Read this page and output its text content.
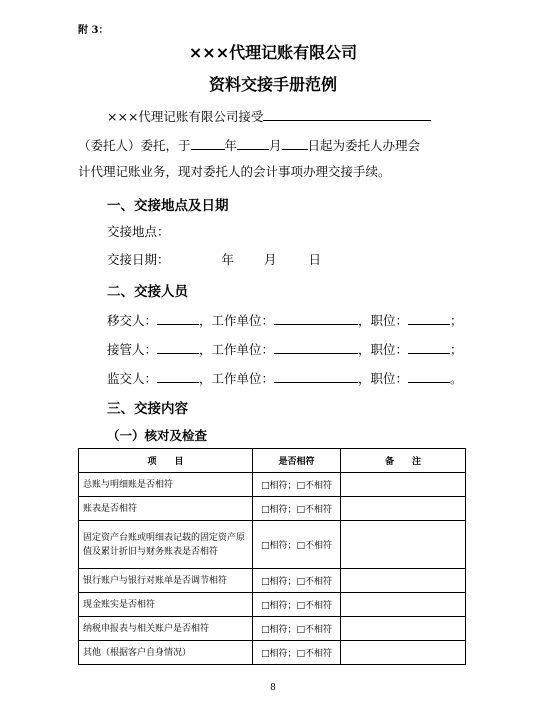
附 3：
×××代理记账有限公司
资料交接手册范例
×××代理记账有限公司接受
（委托人）委托，于	年	月 日起为委托人办理会
计代理记账业务，现对委托人的会计事项办理交接手续。
一、交接地点及日期
交接地点：
交接日期：	年 月	日
二、交接人员
移交人：	，工作单位：	，职位：	；
接管人：	，工作单位：	，职位：	；
监交人：	，工作单位：	，职位：	。
三、交接内容
（一）核对及检查
项　　目	是否相符	备　　注
总账与明细账是否相符	□相符；□不相符	
账表是否相符	□相符；□不相符	
固定资产台账或明细表记载的固定资产原值及累计折旧与财务账表是否相符	□相符；□不相符	
银行账户与银行对账单是否调节相符	□相符；□不相符	
现金账实是否相符	□相符；□不相符	
纳税申报表与相关账户是否相符	□相符；□不相符	
其他（根据客户自身情况）	□相符；□不相符	
8
